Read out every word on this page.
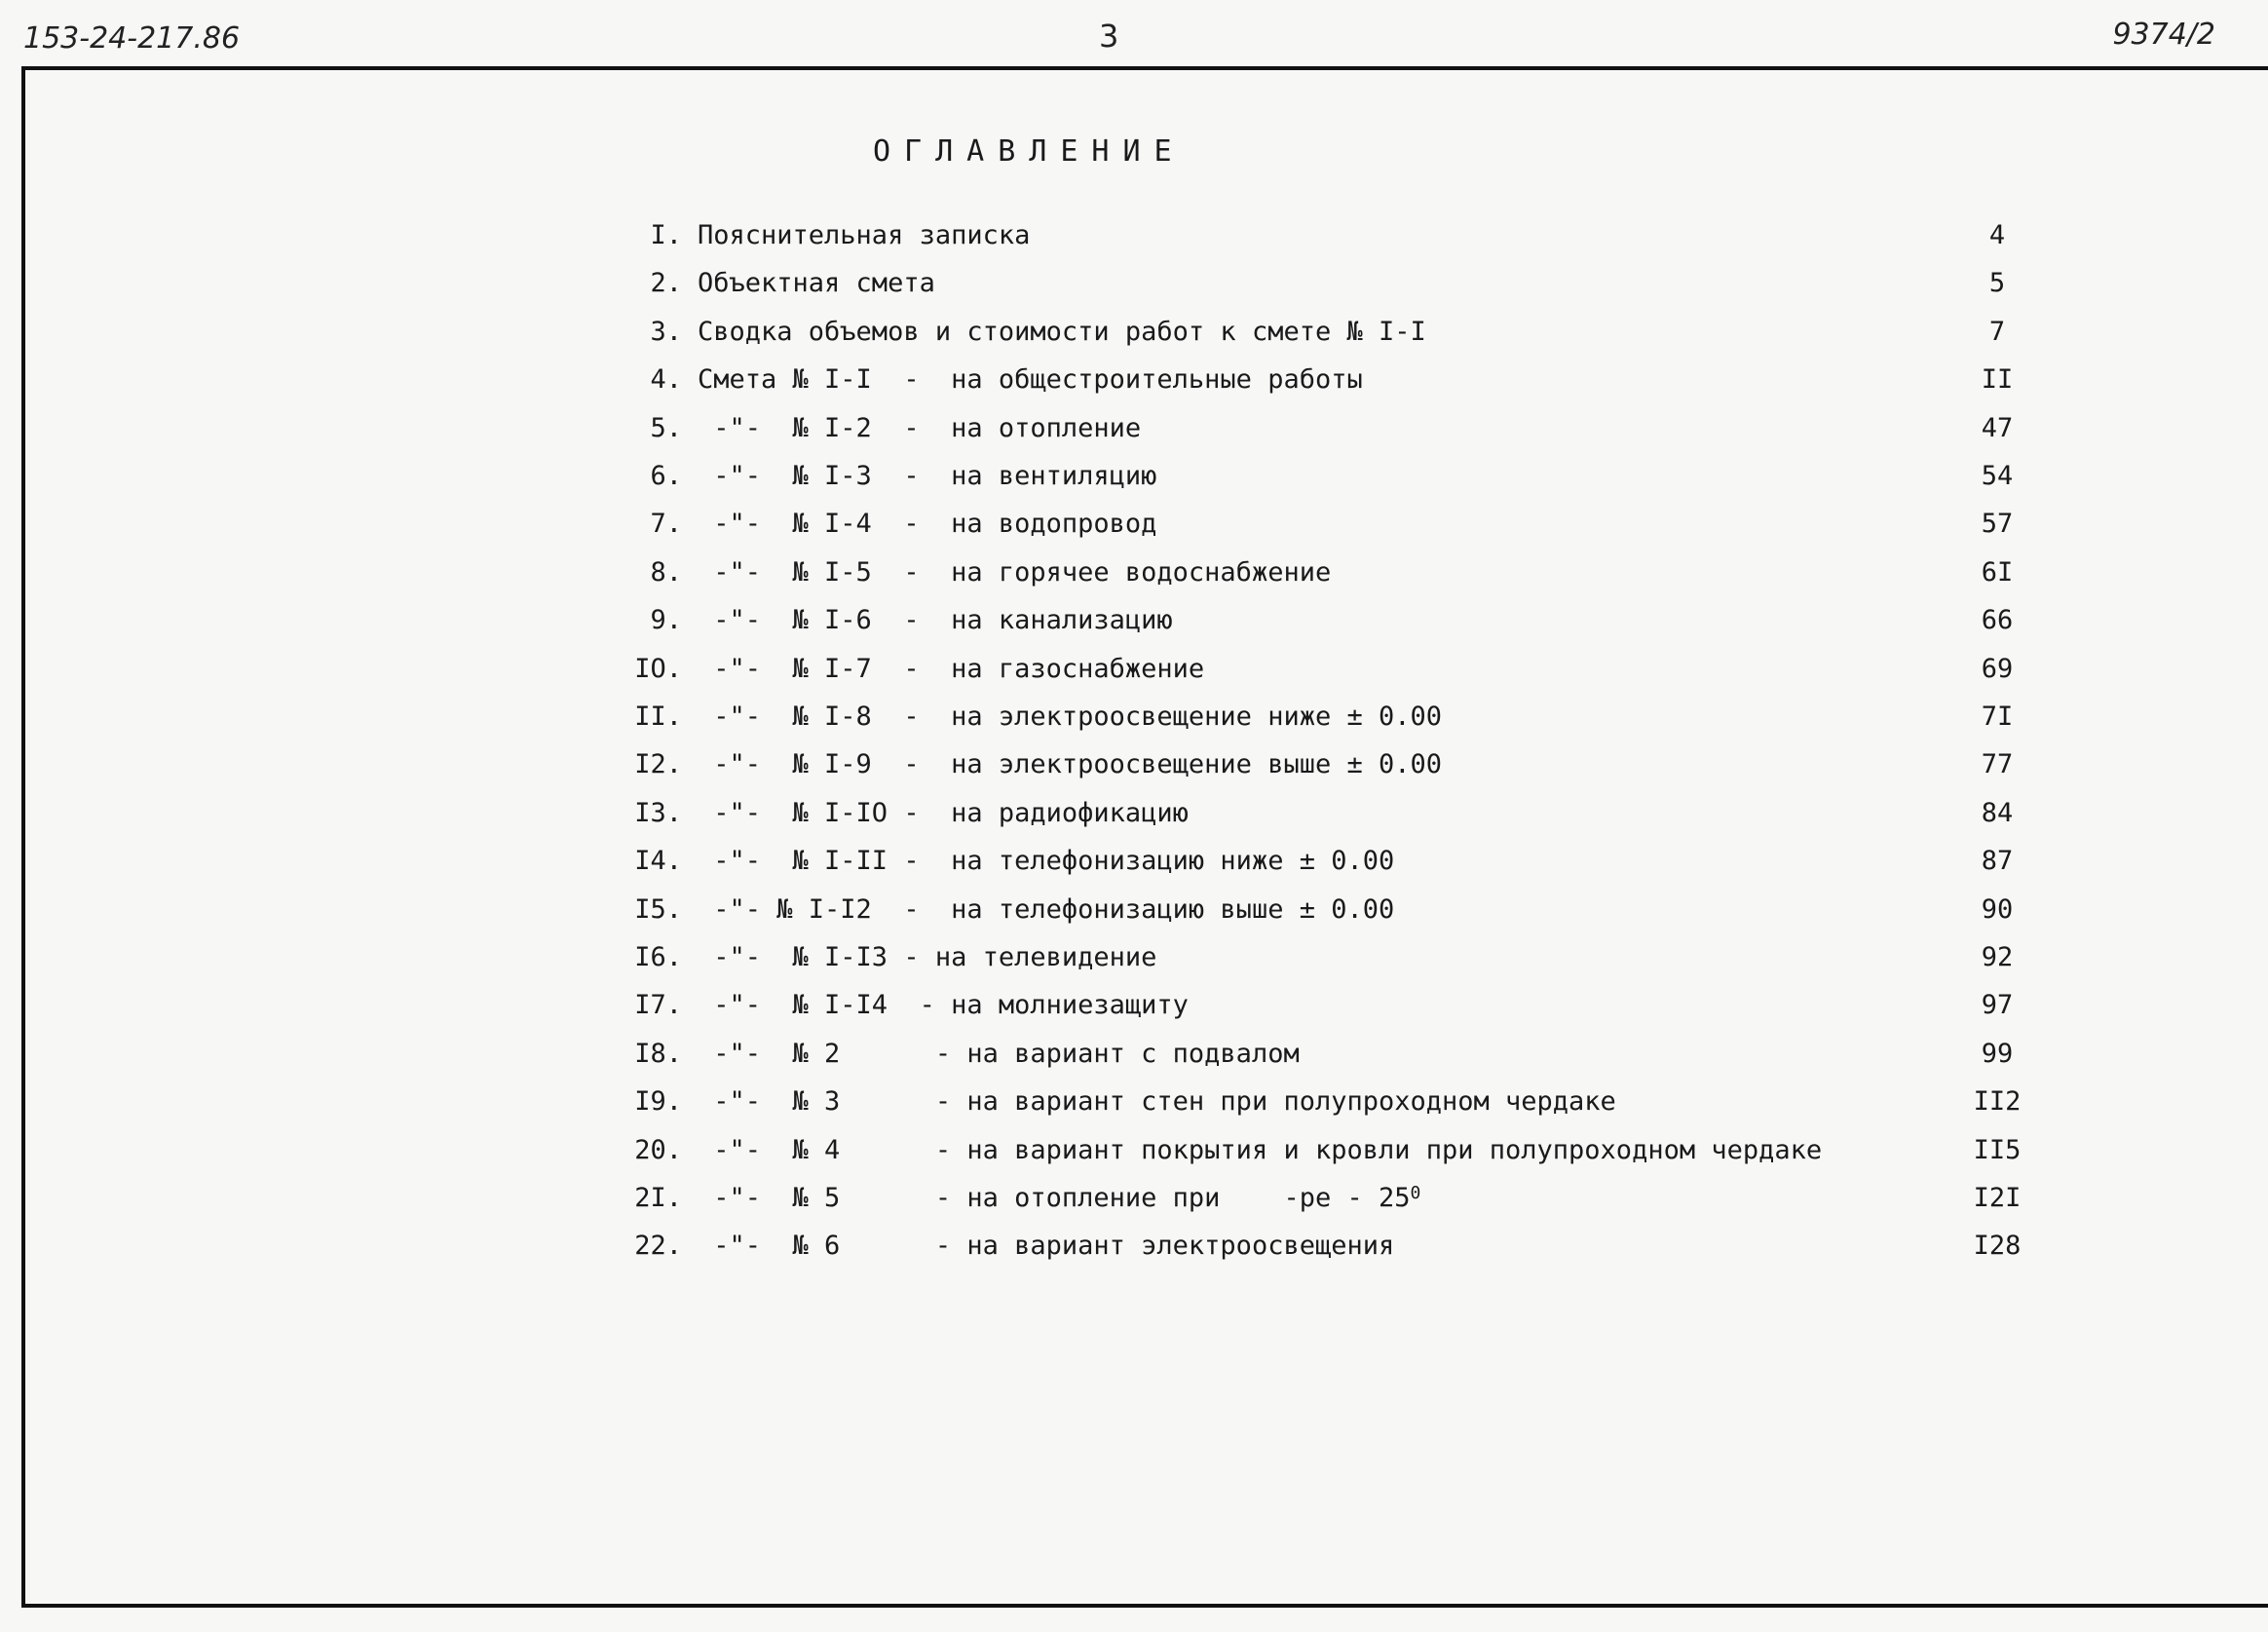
153-24-217.86	3	9374/2
ОГЛАВЛЕНИЕ
I. Пояснительная записка	4
2. Объектная смета	5
3. Сводка объемов и стоимости работ к смете № I-I	7
4. Смета № I-I  -  на общестроительные работы	II
5. -"-  № I-2  -  на отопление	47
6. -"-  № I-3  -  на вентиляцию	54
7. -"-  № I-4  -  на водопровод	57
8. -"-  № I-5  -  на горячее водоснабжение	6I
9. -"-  № I-6  -  на канализацию	66
IO. -"-  № I-7  -  на газоснабжение	69
II. -"-  № I-8  -  на электроосвещение ниже ± 0.00	7I
I2. -"-  № I-9  -  на электроосвещение выше ± 0.00	77
I3. -"-  № I-IO -  на радиофикацию	84
I4. -"-  № I-II -  на телефонизацию ниже ± 0.00	87
I5. -"- № I-I2  -  на телефонизацию выше ± 0.00	90
I6. -"-  № I-I3 - на телевидение	92
I7. -"-  № I-I4  - на молниезащиту	97
I8. -"-  № 2      - на вариант с подвалом	99
I9. -"-  № 3      - на вариант стен при полупроходном чердаке	II2
20. -"-  № 4      - на вариант покрытия и кровли при полупроходном чердаке	II5
2I. -"-  № 5      - на отопление при    -ре - 25 0	I2I
22. -"-  № 6      - на вариант электроосвещения	I28
